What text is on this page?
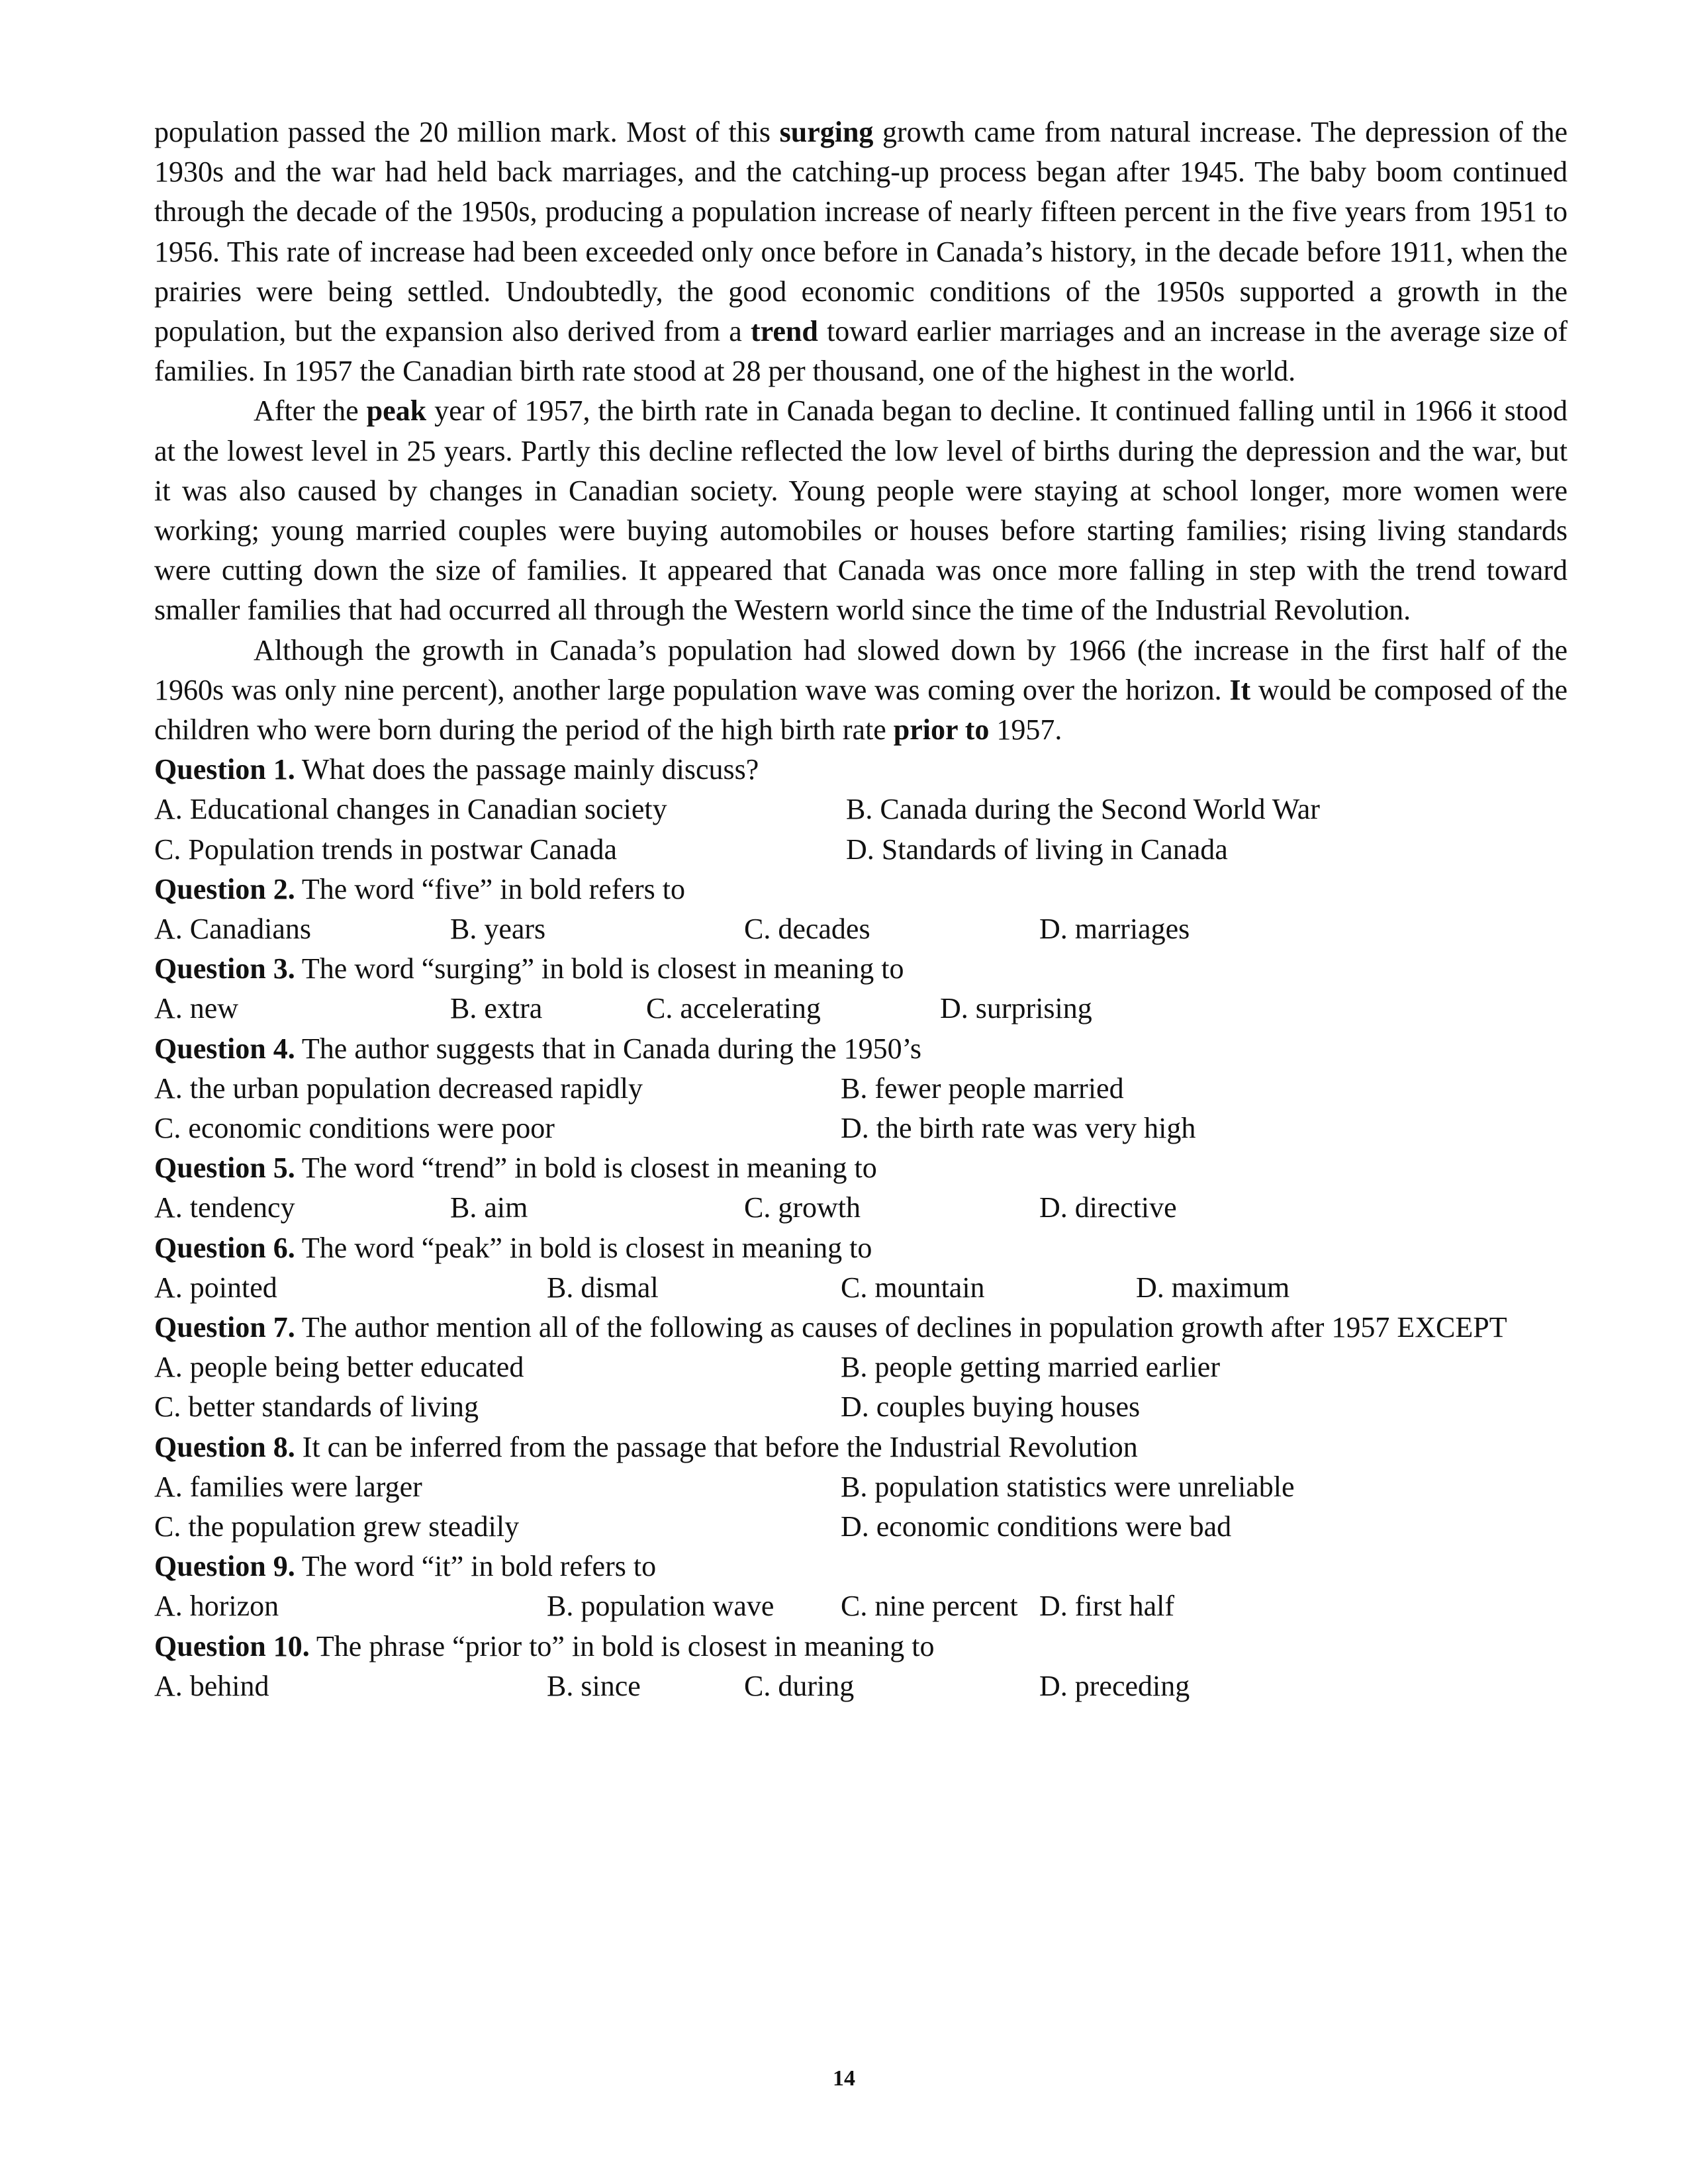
population passed the 20 million mark. Most of this surging growth came from natural increase. The depression of the 1930s and the war had held back marriages, and the catching-up process began after 1945. The baby boom continued through the decade of the 1950s, producing a population increase of nearly fifteen percent in the five years from 1951 to 1956. This rate of increase had been exceeded only once before in Canada’s history, in the decade before 1911, when the prairies were being settled. Undoubtedly, the good economic conditions of the 1950s supported a growth in the population, but the expansion also derived from a trend toward earlier marriages and an increase in the average size of families. In 1957 the Canadian birth rate stood at 28 per thousand, one of the highest in the world.

After the peak year of 1957, the birth rate in Canada began to decline. It continued falling until in 1966 it stood at the lowest level in 25 years. Partly this decline reflected the low level of births during the depression and the war, but it was also caused by changes in Canadian society. Young people were staying at school longer, more women were working; young married couples were buying automobiles or houses before starting families; rising living standards were cutting down the size of families. It appeared that Canada was once more falling in step with the trend toward smaller families that had occurred all through the Western world since the time of the Industrial Revolution.

Although the growth in Canada’s population had slowed down by 1966 (the increase in the first half of the 1960s was only nine percent), another large population wave was coming over the horizon. It would be composed of the children who were born during the period of the high birth rate prior to 1957.

Question 1. What does the passage mainly discuss?

A. Educational changes in Canadian society	B. Canada during the Second World War
C. Population trends in postwar Canada	D. Standards of living in Canada

Question 2. The word “five” in bold refers to

A. Canadians	B. years	C. decades	D. marriages

Question 3. The word “surging” in bold is closest in meaning to

A. new	B. extra	C. accelerating	D. surprising

Question 4. The author suggests that in Canada during the 1950’s

A. the urban population decreased rapidly	B. fewer people married
C. economic conditions were poor	D. the birth rate was very high

Question 5. The word “trend” in bold is closest in meaning to

A. tendency	B. aim	C. growth	D. directive

Question 6. The word “peak” in bold is closest in meaning to

A. pointed	B. dismal	C. mountain	D. maximum

Question 7. The author mention all of the following as causes of declines in population growth after 1957 EXCEPT

A. people being better educated	B. people getting married earlier
C. better standards of living	D. couples buying houses

Question 8. It can be inferred from the passage that before the Industrial Revolution

A. families were larger	B. population statistics were unreliable
C. the population grew steadily	D. economic conditions were bad

Question 9. The word “it” in bold refers to

A. horizon	B. population wave C. nine percent D. first half

Question 10. The phrase “prior to” in bold is closest in meaning to

A. behind	B. since	C. during	D. preceding
14
